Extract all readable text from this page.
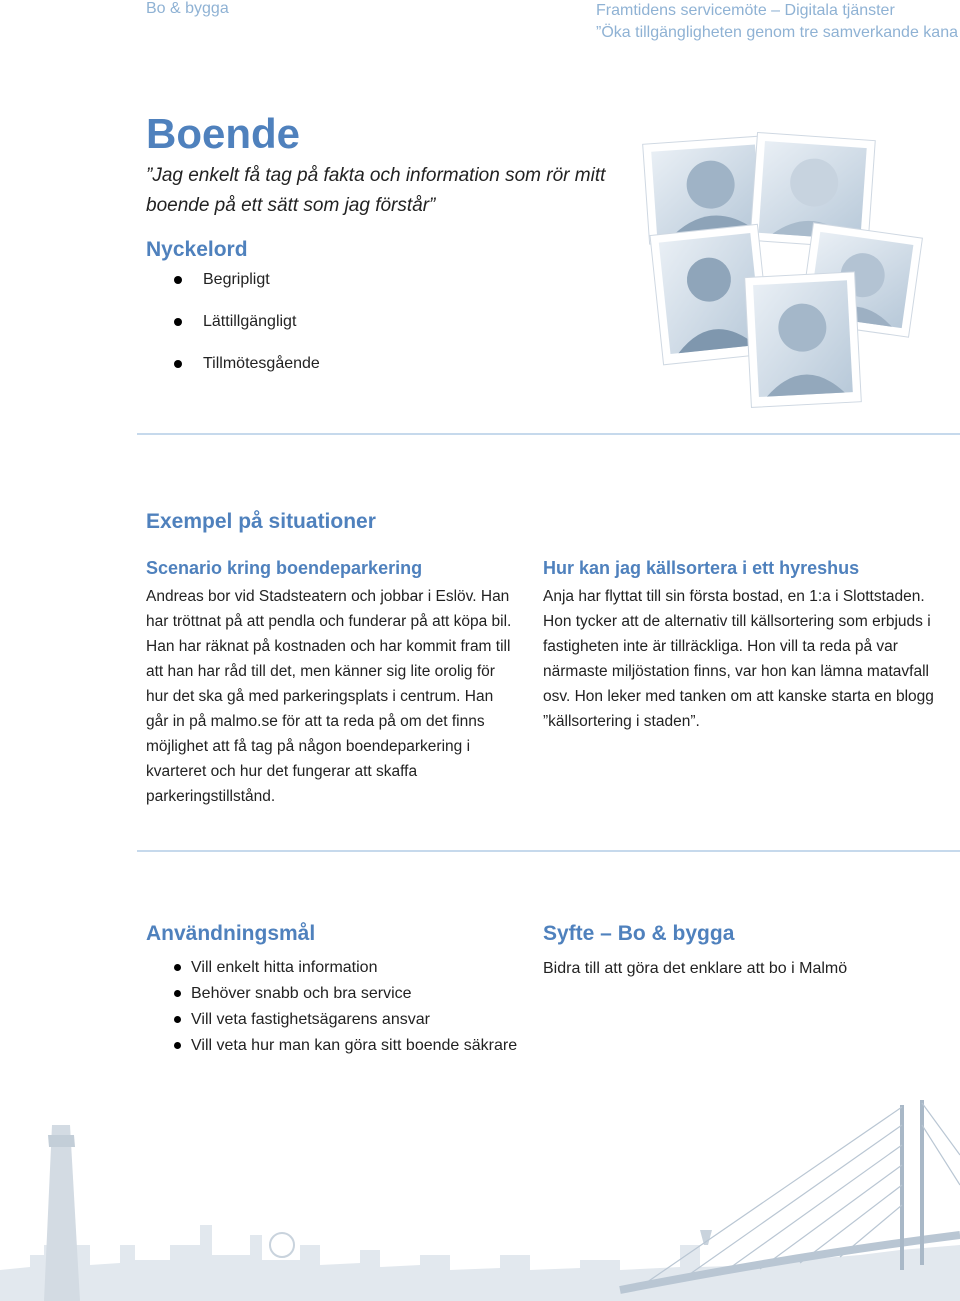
Bo & bygga	Framtidens servicemöte – Digitala tjänster
”Öka tillgängligheten genom tre samverkande kana
Boende

”Jag enkelt få tag på fakta och information som rör mitt boende på ett sätt som jag förstår”

Nyckelord
Begripligt
Lättillgängligt
Tillmötesgående
Exempel på situationer
Scenario kring boendeparkering

Andreas bor vid Stadsteatern och jobbar i Eslöv. Han har tröttnat på att pendla och funderar på att köpa bil. Han har räknat på kostnaden och har kommit fram till att han har råd till det, men känner sig lite orolig för hur det ska gå med parkeringsplats i centrum. Han går in på malmo.se för att ta reda på om det finns möjlighet att få tag på någon boendeparkering i kvarteret och hur det fungerar att skaffa parkeringstillstånd.

Hur kan jag källsortera i ett hyreshus

Anja har flyttat till sin första bostad, en 1:a i Slottstaden. Hon tycker att de alternativ till källsortering som erbjuds i fastigheten inte är tillräckliga. Hon vill ta reda på var närmaste miljöstation finns, var hon kan lämna matavfall osv. Hon leker med tanken om att kanske starta en blogg ”källsortering i staden”.

Användningsmål
Vill enkelt hitta information
Behöver snabb och bra service
Vill veta fastighetsägarens ansvar
Vill veta hur man kan göra sitt boende säkrare
Syfte – Bo & bygga

Bidra till att göra det enklare att bo i Malmö
